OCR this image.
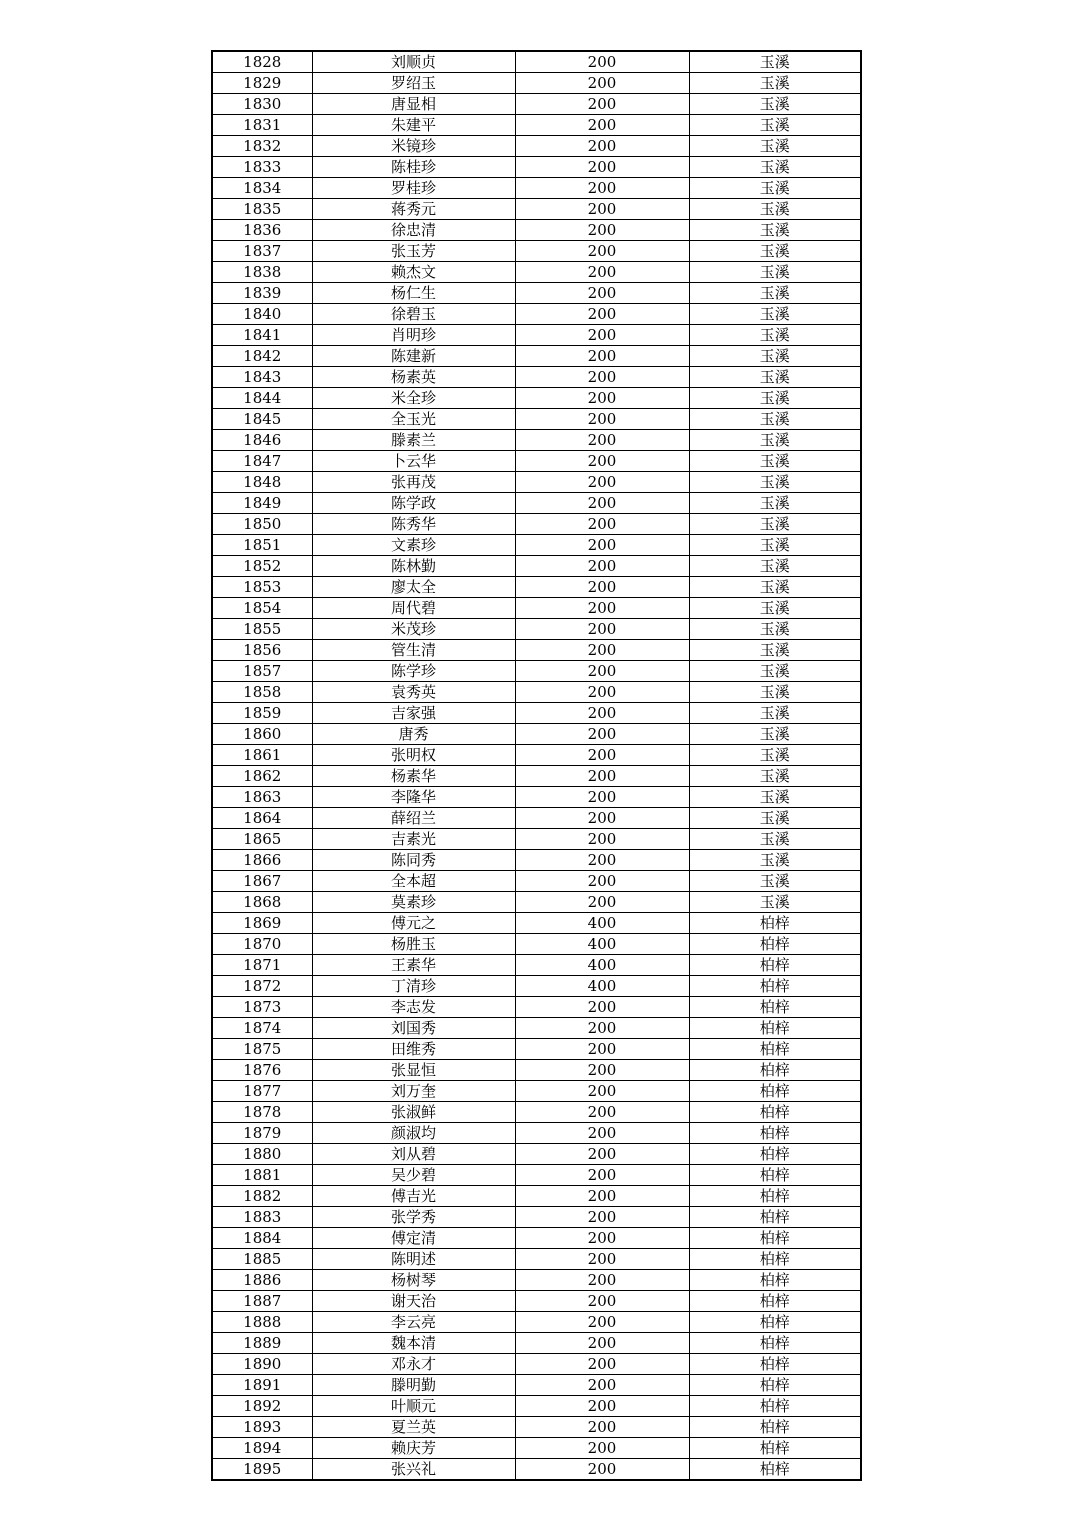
1828	刘顺贞	200	玉溪
1829	罗绍玉	200	玉溪
1830	唐显相	200	玉溪
1831	朱建平	200	玉溪
1832	米镜珍	200	玉溪
1833	陈桂珍	200	玉溪
1834	罗桂珍	200	玉溪
1835	蒋秀元	200	玉溪
1836	徐忠清	200	玉溪
1837	张玉芳	200	玉溪
1838	赖杰文	200	玉溪
1839	杨仁生	200	玉溪
1840	徐碧玉	200	玉溪
1841	肖明珍	200	玉溪
1842	陈建新	200	玉溪
1843	杨素英	200	玉溪
1844	米全珍	200	玉溪
1845	全玉光	200	玉溪
1846	滕素兰	200	玉溪
1847	卜云华	200	玉溪
1848	张再茂	200	玉溪
1849	陈学政	200	玉溪
1850	陈秀华	200	玉溪
1851	文素珍	200	玉溪
1852	陈林勤	200	玉溪
1853	廖太全	200	玉溪
1854	周代碧	200	玉溪
1855	米茂珍	200	玉溪
1856	管生清	200	玉溪
1857	陈学珍	200	玉溪
1858	袁秀英	200	玉溪
1859	吉家强	200	玉溪
1860	唐秀	200	玉溪
1861	张明权	200	玉溪
1862	杨素华	200	玉溪
1863	李隆华	200	玉溪
1864	薛绍兰	200	玉溪
1865	吉素光	200	玉溪
1866	陈同秀	200	玉溪
1867	全本超	200	玉溪
1868	莫素珍	200	玉溪
1869	傅元之	400	柏梓
1870	杨胜玉	400	柏梓
1871	王素华	400	柏梓
1872	丁清珍	400	柏梓
1873	李志发	200	柏梓
1874	刘国秀	200	柏梓
1875	田维秀	200	柏梓
1876	张显恒	200	柏梓
1877	刘万奎	200	柏梓
1878	张淑鲜	200	柏梓
1879	颜淑均	200	柏梓
1880	刘从碧	200	柏梓
1881	吴少碧	200	柏梓
1882	傅吉光	200	柏梓
1883	张学秀	200	柏梓
1884	傅定清	200	柏梓
1885	陈明述	200	柏梓
1886	杨树琴	200	柏梓
1887	谢天治	200	柏梓
1888	李云亮	200	柏梓
1889	魏本清	200	柏梓
1890	邓永才	200	柏梓
1891	滕明勤	200	柏梓
1892	叶顺元	200	柏梓
1893	夏兰英	200	柏梓
1894	赖庆芳	200	柏梓
1895	张兴礼	200	柏梓
